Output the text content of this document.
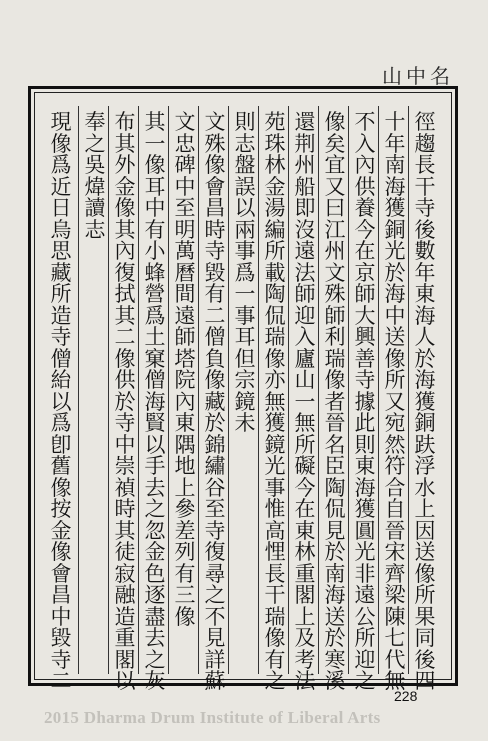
山 中 名
徑
趨
長
干
寺
後
數
年
東
海
人
於
海
獲
銅
趺
浮
水
上
因
送
像
所
果
同
後
四
十
年
南
海
獲
銅
光
於
海
中
送
像
所
又
宛
然
符
合
自
晉
宋
齊
梁
陳
七
代
無
不
入
內
供
養
今
在
京
師
大
興
善
寺
據
此
則
東
海
獲
圓
光
非
遠
公
所
迎
之
像
矣
宜
又
曰
江
州
文
殊
師
利
瑞
像
者
晉
名
臣
陶
侃
見
於
南
海
送
於
寒
溪
還
荆
州
船
即
沒
遠
法
師
迎
入
廬
山
一
無
所
礙
今
在
東
林
重
閣
上
及
考
法
苑
珠
林
金
湯
編
所
載
陶
侃
瑞
像
亦
無
獲
鏡
光
事
惟
高
悝
長
干
瑞
像
有
之
則
志
盤
誤
以
兩
事
爲
一
事
耳
但
宗
鏡
未
文
殊
像
會
昌
時
寺
毀
有
二
僧
負
像
藏
於
錦
繡
谷
至
寺
復
尋
之
不
見
詳
蘇
文
忠
碑
中
至
明
萬
曆
間
遠
師
塔
院
內
東
隅
地
上
參
差
列
有
三
像
其
一
像
耳
中
有
小
蜂
營
爲
土
窠
僧
海
賢
以
手
去
之
忽
金
色
逐
盡
去
之
灰
布
其
外
金
像
其
內
復
拭
其
二
像
供
於
寺
中
崇
禎
時
其
徒
寂
融
造
重
閣
以
奉
之
吳
煒
讀
志
現
像
爲
近
日
烏
思
藏
所
造
寺
僧
紿
以
爲
卽
舊
像
按
金
像
會
昌
中
毀
寺
二
228
2015 Dharma Drum Institute of Liberal Arts
